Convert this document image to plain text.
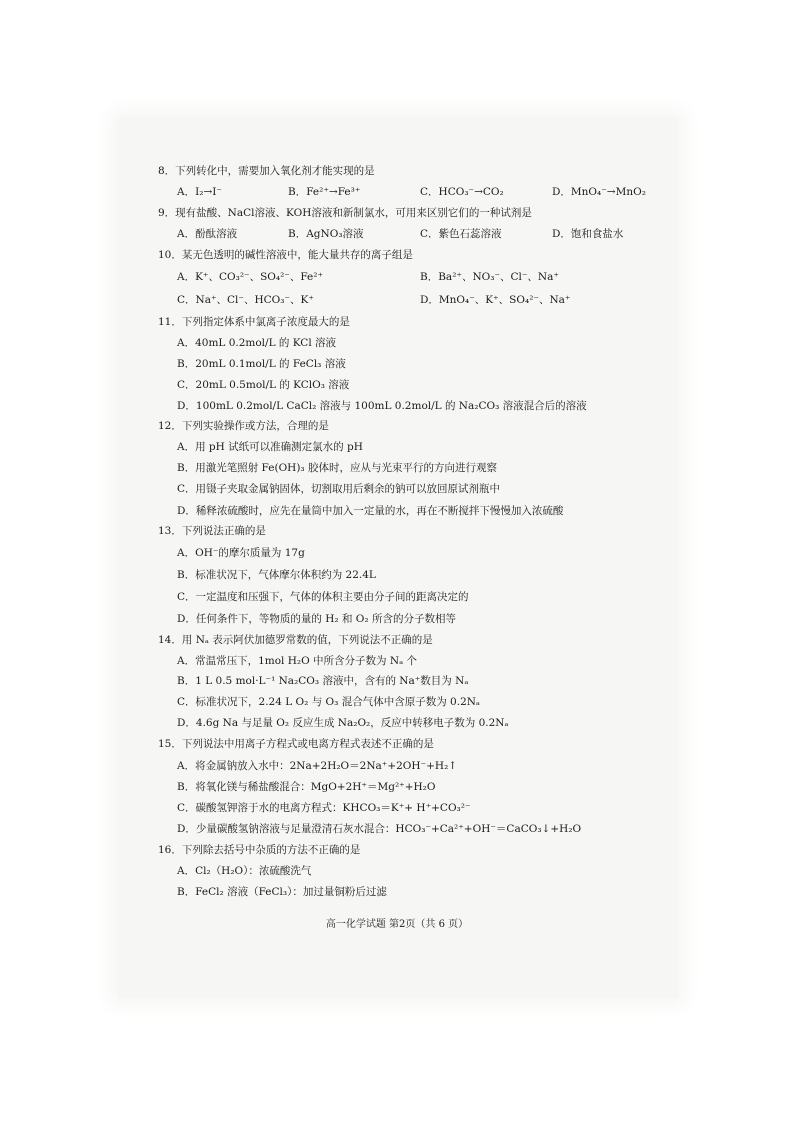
8．下列转化中，需要加入氧化剂才能实现的是
A．I₂→I⁻	B．Fe²⁺→Fe³⁺	C．HCO₃⁻→CO₂	D．MnO₄⁻→MnO₂
9．现有盐酸、NaCl溶液、KOH溶液和新制氯水，可用来区别它们的一种试剂是
A．酚酞溶液	B．AgNO₃溶液	C．紫色石蕊溶液	D．饱和食盐水
10．某无色透明的碱性溶液中，能大量共存的离子组是
A．K⁺、CO₃²⁻、SO₄²⁻、Fe²⁺	B．Ba²⁺、NO₃⁻、Cl⁻、Na⁺
C．Na⁺、Cl⁻、HCO₃⁻、K⁺	D．MnO₄⁻、K⁺、SO₄²⁻、Na⁺
11．下列指定体系中氯离子浓度最大的是
A．40mL 0.2mol/L 的 KCl 溶液
B．20mL 0.1mol/L 的 FeCl₃ 溶液
C．20mL 0.5mol/L 的 KClO₃ 溶液
D．100mL 0.2mol/L CaCl₂ 溶液与 100mL 0.2mol/L 的 Na₂CO₃ 溶液混合后的溶液
12．下列实验操作或方法，合理的是
A．用 pH 试纸可以准确测定氯水的 pH
B．用激光笔照射 Fe(OH)₃ 胶体时，应从与光束平行的方向进行观察
C．用镊子夹取金属钠固体，切割取用后剩余的钠可以放回原试剂瓶中
D．稀释浓硫酸时，应先在量筒中加入一定量的水，再在不断搅拌下慢慢加入浓硫酸
13．下列说法正确的是
A．OH⁻的摩尔质量为 17g
B．标准状况下，气体摩尔体积约为 22.4L
C．一定温度和压强下，气体的体积主要由分子间的距离决定的
D．任何条件下，等物质的量的 H₂ 和 O₂ 所含的分子数相等
14．用 Nₐ 表示阿伏加德罗常数的值，下列说法不正确的是
A．常温常压下，1mol H₂O 中所含分子数为 Nₐ 个
B．1 L 0.5 mol·L⁻¹ Na₂CO₃ 溶液中，含有的 Na⁺数目为 Nₐ
C．标准状况下，2.24 L O₂ 与 O₃ 混合气体中含原子数为 0.2Nₐ
D．4.6g Na 与足量 O₂ 反应生成 Na₂O₂，反应中转移电子数为 0.2Nₐ
15．下列说法中用离子方程式或电离方程式表述不正确的是
A．将金属钠放入水中：2Na+2H₂O＝2Na⁺+2OH⁻+H₂↑
B．将氧化镁与稀盐酸混合：MgO+2H⁺＝Mg²⁺+H₂O
C．碳酸氢钾溶于水的电离方程式：KHCO₃＝K⁺+ H⁺+CO₃²⁻
D．少量碳酸氢钠溶液与足量澄清石灰水混合：HCO₃⁻+Ca²⁺+OH⁻＝CaCO₃↓+H₂O
16．下列除去括号中杂质的方法不正确的是
A．Cl₂（H₂O）：浓硫酸洗气
B．FeCl₂ 溶液（FeCl₃）：加过量铜粉后过滤
高一化学试题 第2页（共 6 页）
